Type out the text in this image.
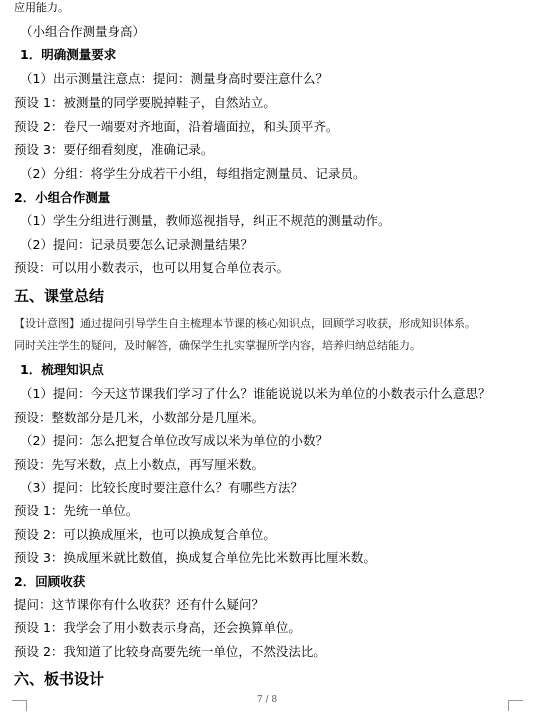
应用能力。
（小组合作测量身高）
1．明确测量要求
（1）出示测量注意点：提问：测量身高时要注意什么？
预设 1：被测量的同学要脱掉鞋子，自然站立。
预设 2：卷尺一端要对齐地面，沿着墙面拉，和头顶平齐。
预设 3：要仔细看刻度，准确记录。
（2）分组：将学生分成若干小组，每组指定测量员、记录员。
2．小组合作测量
（1）学生分组进行测量，教师巡视指导，纠正不规范的测量动作。
（2）提问：记录员要怎么记录测量结果？
预设：可以用小数表示，也可以用复合单位表示。
五、课堂总结
【设计意图】通过提问引导学生自主梳理本节课的核心知识点，回顾学习收获，形成知识体系。
同时关注学生的疑问，及时解答，确保学生扎实掌握所学内容，培养归纳总结能力。
1．梳理知识点
（1）提问：今天这节课我们学习了什么？谁能说说以米为单位的小数表示什么意思？
预设：整数部分是几米，小数部分是几厘米。
（2）提问：怎么把复合单位改写成以米为单位的小数？
预设：先写米数，点上小数点，再写厘米数。
（3）提问：比较长度时要注意什么？有哪些方法？
预设 1：先统一单位。
预设 2：可以换成厘米，也可以换成复合单位。
预设 3：换成厘米就比数值，换成复合单位先比米数再比厘米数。
2．回顾收获
提问：这节课你有什么收获？还有什么疑问？
预设 1：我学会了用小数表示身高，还会换算单位。
预设 2：我知道了比较身高要先统一单位，不然没法比。
六、板书设计
7 / 8
